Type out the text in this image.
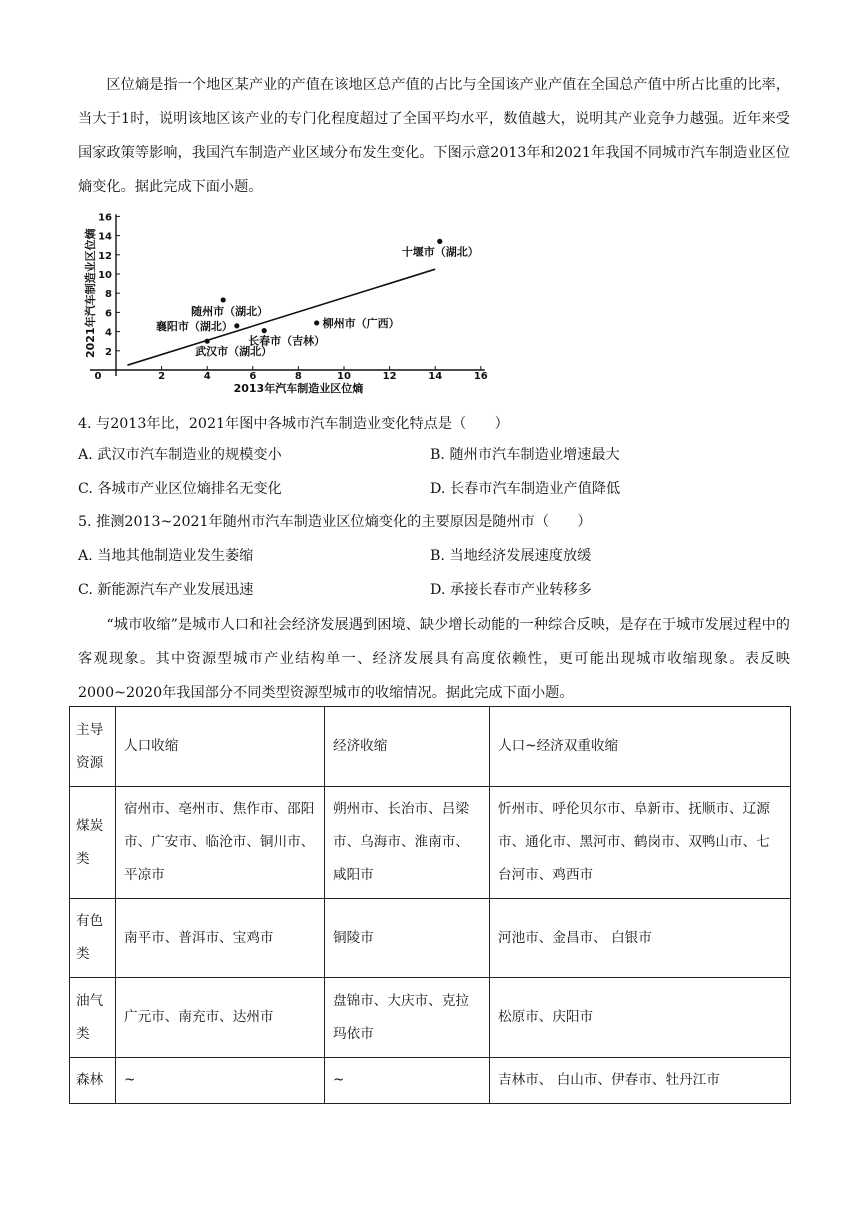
区位熵是指一个地区某产业的产值在该地区总产值的占比与全国该产业产值在全国总产值中所占比重的比率，当大于1时，说明该地区该产业的专门化程度超过了全国平均水平，数值越大，说明其产业竞争力越强。近年来受国家政策等影响，我国汽车制造产业区域分布发生变化。下图示意2013年和2021年我国不同城市汽车制造业区位熵变化。据此完成下面小题。

0	2	4	6	8	10	12	14	16
2
4
6
8
10
12
14
16
十堰市（湖北）
随州市（湖北）
襄阳市（湖北）
长春市（吉林）
柳州市（广西）
武汉市（湖北）
2013年汽车制造业区位熵
2021年汽车制造业区位熵

4. 与2013年比，2021年图中各城市汽车制造业变化特点是（　　）

A. 武汉市汽车制造业的规模变小	B. 随州市汽车制造业增速最大
C. 各城市产业区位熵排名无变化	D. 长春市汽车制造业产值降低

5. 推测2013~2021年随州市汽车制造业区位熵变化的主要原因是随州市（　　）

A. 当地其他制造业发生萎缩	B. 当地经济发展速度放缓
C. 新能源汽车产业发展迅速	D. 承接长春市产业转移多

“城市收缩”是城市人口和社会经济发展遇到困境、缺少增长动能的一种综合反映，是存在于城市发展过程中的客观现象。其中资源型城市产业结构单一、经济发展具有高度依赖性，更可能出现城市收缩现象。表反映2000~2020年我国部分不同类型资源型城市的收缩情况。据此完成下面小题。

主导资源	人口收缩	经济收缩	人口~经济双重收缩
煤炭类	宿州市、亳州市、焦作市、邵阳市、广安市、临沧市、铜川市、平凉市	朔州市、长治市、吕梁市、乌海市、淮南市、咸阳市	忻州市、呼伦贝尔市、阜新市、抚顺市、辽源市、通化市、黑河市、鹤岗市、双鸭山市、七台河市、鸡西市
有色类	南平市、普洱市、宝鸡市	铜陵市	河池市、金昌市、 白银市
油气类	广元市、南充市、达州市	盘锦市、大庆市、克拉玛依市	松原市、庆阳市
森林	~	~	吉林市、 白山市、伊春市、牡丹江市
